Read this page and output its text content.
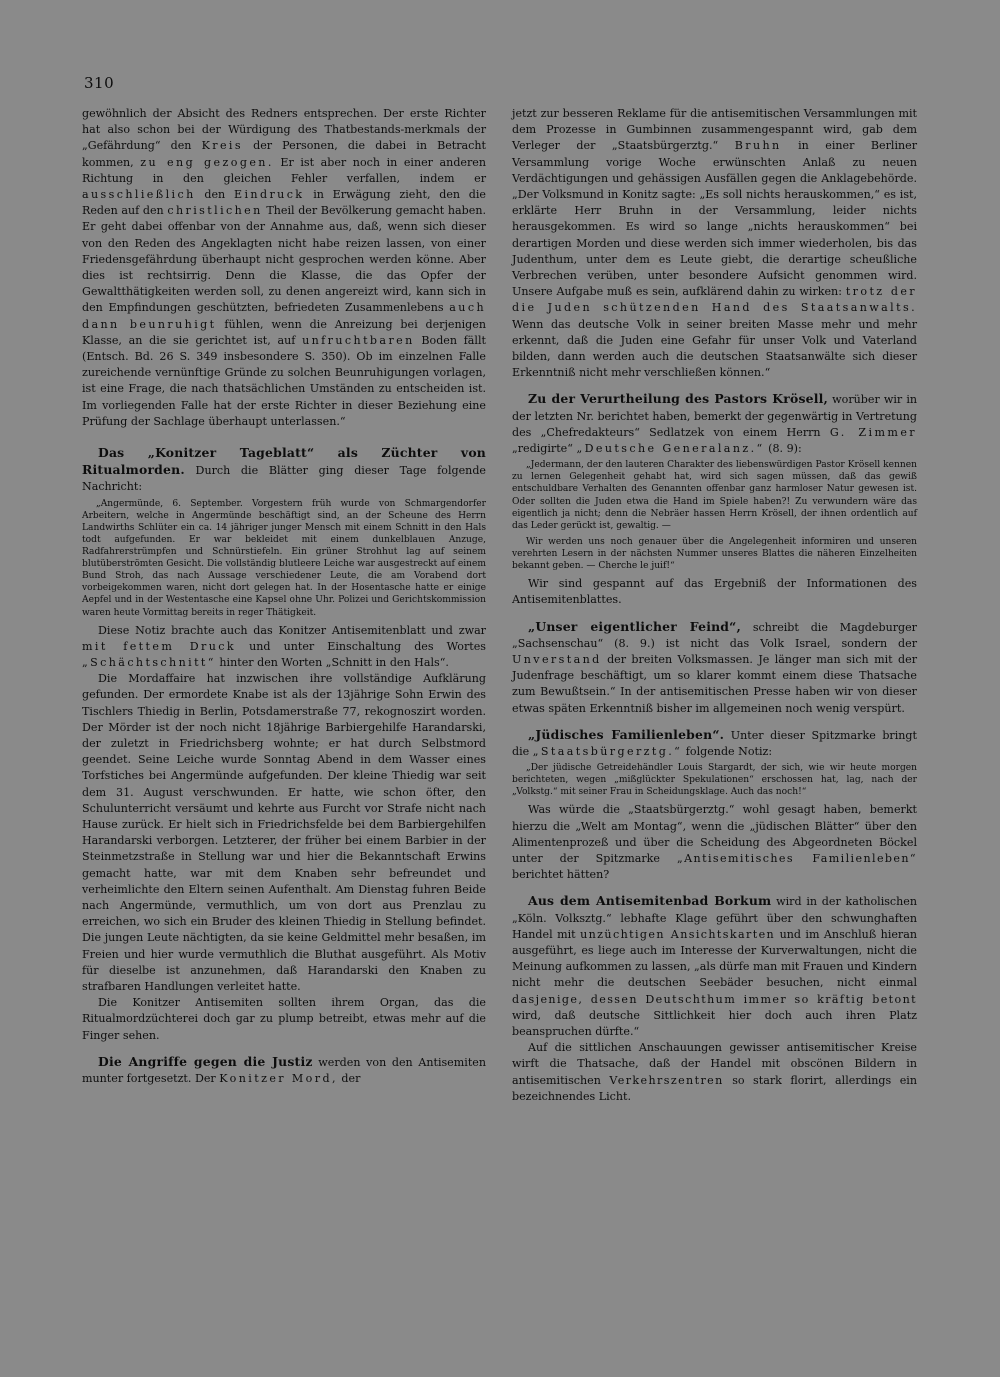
310

gewöhnlich der Absicht des Redners entsprechen. Der erste Richter hat also schon bei der Würdigung des Thatbestands-merkmals der „Gefährdung“ den Kreis der Personen, die dabei in Betracht kommen, zu eng gezogen. Er ist aber noch in einer anderen Richtung in den gleichen Fehler verfallen, indem er ausschließlich den Eindruck in Erwägung zieht, den die Reden auf den christlichen Theil der Bevölkerung gemacht haben. Er geht dabei offenbar von der Annahme aus, daß, wenn sich dieser von den Reden des Angeklagten nicht habe reizen lassen, von einer Friedensgefährdung überhaupt nicht gesprochen werden könne. Aber dies ist rechtsirrig. Denn die Klasse, die das Opfer der Gewaltthätigkeiten werden soll, zu denen angereizt wird, kann sich in den Empfindungen geschützten, befriedeten Zusammenlebens auch dann beunruhigt fühlen, wenn die Anreizung bei derjenigen Klasse, an die sie gerichtet ist, auf unfruchtbaren Boden fällt (Entsch. Bd. 26 S. 349 insbesondere S. 350). Ob im einzelnen Falle zureichende vernünftige Gründe zu solchen Beunruhigungen vorlagen, ist eine Frage, die nach thatsächlichen Umständen zu entscheiden ist. Im vorliegenden Falle hat der erste Richter in dieser Beziehung eine Prüfung der Sachlage überhaupt unterlassen.“

Das „Konitzer Tageblatt“ als Züchter von Ritualmorden. Durch die Blätter ging dieser Tage folgende Nachricht:

„Angermünde, 6. September. Vorgestern früh wurde von Schmargendorfer Arbeitern, welche in Angermünde beschäftigt sind, an der Scheune des Herrn Landwirths Schlüter ein ca. 14 jähriger junger Mensch mit einem Schnitt in den Hals todt aufgefunden. Er war bekleidet mit einem dunkelblauen Anzuge, Radfahrerstrümpfen und Schnürstiefeln. Ein grüner Strohhut lag auf seinem blutüberströmten Gesicht. Die vollständig blutleere Leiche war ausgestreckt auf einem Bund Stroh, das nach Aussage verschiedener Leute, die am Vorabend dort vorbeigekommen waren, nicht dort gelegen hat. In der Hosentasche hatte er einige Aepfel und in der Westentasche eine Kapsel ohne Uhr. Polizei und Gerichtskommission waren heute Vormittag bereits in reger Thätigkeit.

Diese Notiz brachte auch das Konitzer Antisemitenblatt und zwar mit fettem Druck und unter Einschaltung des Wortes „Schächtschnitt“ hinter den Worten „Schnitt in den Hals“.

Die Mordaffaire hat inzwischen ihre vollständige Aufklärung gefunden. Der ermordete Knabe ist als der 13jährige Sohn Erwin des Tischlers Thiedig in Berlin, Potsdamerstraße 77, rekognoszirt worden. Der Mörder ist der noch nicht 18jährige Barbiergehilfe Harandarski, der zuletzt in Friedrichsberg wohnte; er hat durch Selbstmord geendet. Seine Leiche wurde Sonntag Abend in dem Wasser eines Torfstiches bei Angermünde aufgefunden. Der kleine Thiedig war seit dem 31. August verschwunden. Er hatte, wie schon öfter, den Schulunterricht versäumt und kehrte aus Furcht vor Strafe nicht nach Hause zurück. Er hielt sich in Friedrichsfelde bei dem Barbiergehilfen Harandarski verborgen. Letzterer, der früher bei einem Barbier in der Steinmetzstraße in Stellung war und hier die Bekanntschaft Erwins gemacht hatte, war mit dem Knaben sehr befreundet und verheimlichte den Eltern seinen Aufenthalt. Am Dienstag fuhren Beide nach Angermünde, vermuthlich, um von dort aus Prenzlau zu erreichen, wo sich ein Bruder des kleinen Thiedig in Stellung befindet. Die jungen Leute nächtigten, da sie keine Geldmittel mehr besaßen, im Freien und hier wurde vermuthlich die Bluthat ausgeführt. Als Motiv für dieselbe ist anzunehmen, daß Harandarski den Knaben zu strafbaren Handlungen verleitet hatte.

Die Konitzer Antisemiten sollten ihrem Organ, das die Ritualmordzüchterei doch gar zu plump betreibt, etwas mehr auf die Finger sehen.

Die Angriffe gegen die Justiz werden von den Antisemiten munter fortgesetzt. Der Konitzer Mord, der

jetzt zur besseren Reklame für die antisemitischen Versammlungen mit dem Prozesse in Gumbinnen zusammengespannt wird, gab dem Verleger der „Staatsbürgerztg.“ Bruhn in einer Berliner Versammlung vorige Woche erwünschten Anlaß zu neuen Verdächtigungen und gehässigen Ausfällen gegen die Anklagebehörde. „Der Volksmund in Konitz sagte: „Es soll nichts herauskommen,“ es ist, erklärte Herr Bruhn in der Versammlung, leider nichts herausgekommen. Es wird so lange „nichts herauskommen“ bei derartigen Morden und diese werden sich immer wiederholen, bis das Judenthum, unter dem es Leute giebt, die derartige scheußliche Verbrechen verüben, unter besondere Aufsicht genommen wird. Unsere Aufgabe muß es sein, aufklärend dahin zu wirken: trotz der die Juden schützenden Hand des Staatsanwalts. Wenn das deutsche Volk in seiner breiten Masse mehr und mehr erkennt, daß die Juden eine Gefahr für unser Volk und Vaterland bilden, dann werden auch die deutschen Staatsanwälte sich dieser Erkenntniß nicht mehr verschließen können.“

Zu der Verurtheilung des Pastors Krösell, worüber wir in der letzten Nr. berichtet haben, bemerkt der gegenwärtig in Vertretung des „Chefredakteurs“ Sedlatzek von einem Herrn G. Zimmer „redigirte“ „Deutsche Generalanz.“ (8. 9):

„Jedermann, der den lauteren Charakter des liebenswürdigen Pastor Krösell kennen zu lernen Gelegenheit gehabt hat, wird sich sagen müssen, daß das gewiß entschuldbare Verhalten des Genannten offenbar ganz harmloser Natur gewesen ist. Oder sollten die Juden etwa die Hand im Spiele haben?! Zu verwundern wäre das eigentlich ja nicht; denn die Nebräer hassen Herrn Krösell, der ihnen ordentlich auf das Leder gerückt ist, gewaltig. —

Wir werden uns noch genauer über die Angelegenheit informiren und unseren verehrten Lesern in der nächsten Nummer unseres Blattes die näheren Einzelheiten bekannt geben. — Cherche le juif!“

Wir sind gespannt auf das Ergebniß der Informationen des Antisemitenblattes.

„Unser eigentlicher Feind“, schreibt die Magdeburger „Sachsenschau“ (8. 9.) ist nicht das Volk Israel, sondern der Unverstand der breiten Volksmassen. Je länger man sich mit der Judenfrage beschäftigt, um so klarer kommt einem diese Thatsache zum Bewußtsein.“ In der antisemitischen Presse haben wir von dieser etwas späten Erkenntniß bisher im allgemeinen noch wenig verspürt.

„Jüdisches Familienleben“. Unter dieser Spitzmarke bringt die „Staatsbürgerztg.“ folgende Notiz:

„Der jüdische Getreidehändler Louis Stargardt, der sich, wie wir heute morgen berichteten, wegen „mißglückter Spekulationen“ erschossen hat, lag, nach der „Volkstg.“ mit seiner Frau in Scheidungsklage. Auch das noch!“

Was würde die „Staatsbürgerztg.“ wohl gesagt haben, bemerkt hierzu die „Welt am Montag“, wenn die „jüdischen Blätter“ über den Alimentenprozeß und über die Scheidung des Abgeordneten Böckel unter der Spitzmarke „Antisemitisches Familienleben“ berichtet hätten?

Aus dem Antisemitenbad Borkum wird in der katholischen „Köln. Volksztg.“ lebhafte Klage geführt über den schwunghaften Handel mit unzüchtigen Ansichtskarten und im Anschluß hieran ausgeführt, es liege auch im Interesse der Kurverwaltungen, nicht die Meinung aufkommen zu lassen, „als dürfe man mit Frauen und Kindern nicht mehr die deutschen Seebäder besuchen, nicht einmal dasjenige, dessen Deutschthum immer so kräftig betont wird, daß deutsche Sittlichkeit hier doch auch ihren Platz beanspruchen dürfte.“

Auf die sittlichen Anschauungen gewisser antisemitischer Kreise wirft die Thatsache, daß der Handel mit obscönen Bildern in antisemitischen Verkehrszentren so stark florirt, allerdings ein bezeichnendes Licht.
